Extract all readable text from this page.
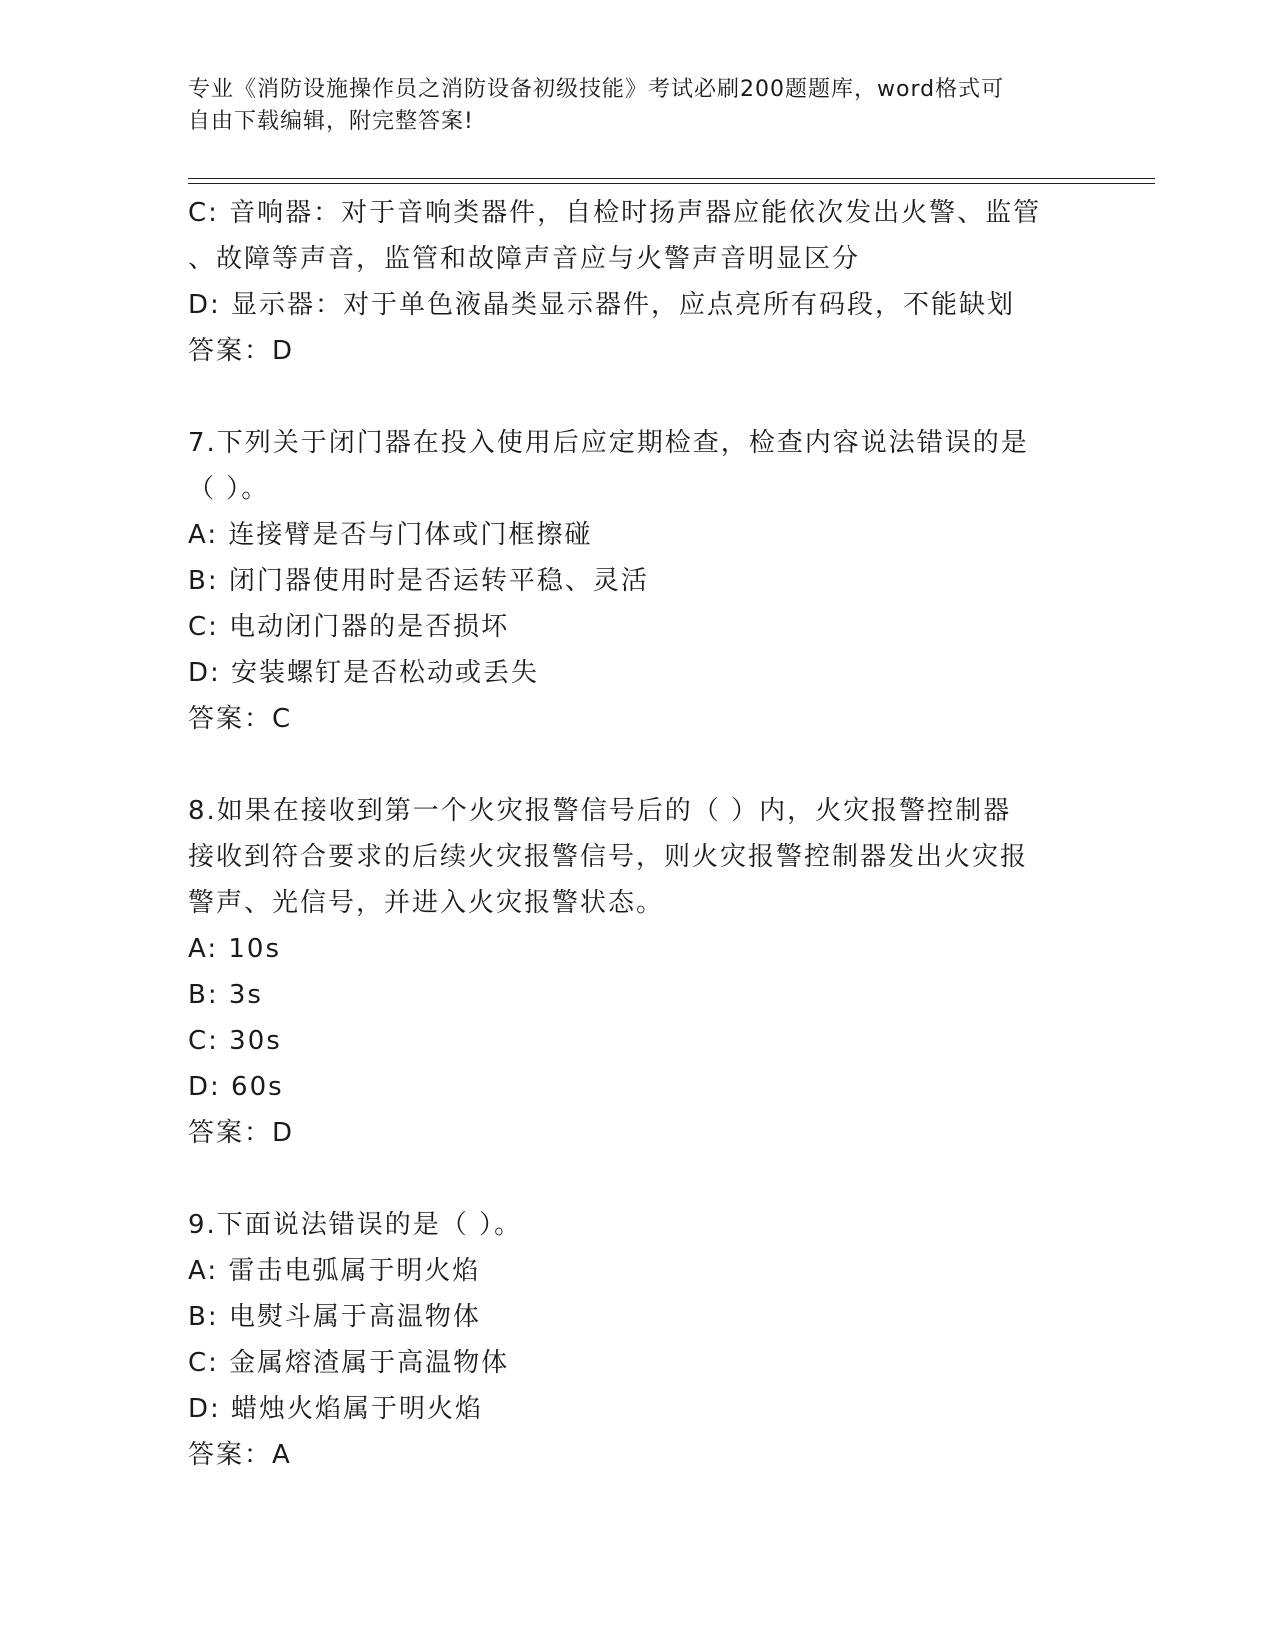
专业《消防设施操作员之消防设备初级技能》考试必刷200题题库，word格式可
自由下载编辑，附完整答案!
C: 音响器：对于音响类器件，自检时扬声器应能依次发出火警、监管
、故障等声音，监管和故障声音应与火警声音明显区分
D: 显示器：对于单色液晶类显示器件，应点亮所有码段，不能缺划
答案：D
7.下列关于闭门器在投入使用后应定期检查，检查内容说法错误的是
（ ）。
A: 连接臂是否与门体或门框擦碰
B: 闭门器使用时是否运转平稳、灵活
C: 电动闭门器的是否损坏
D: 安装螺钉是否松动或丢失
答案：C
8.如果在接收到第一个火灾报警信号后的（ ）内，火灾报警控制器
接收到符合要求的后续火灾报警信号，则火灾报警控制器发出火灾报
警声、光信号，并进入火灾报警状态。
A: 10s
B: 3s
C: 30s
D: 60s
答案：D
9.下面说法错误的是（ ）。
A: 雷击电弧属于明火焰
B: 电熨斗属于高温物体
C: 金属熔渣属于高温物体
D: 蜡烛火焰属于明火焰
答案：A
